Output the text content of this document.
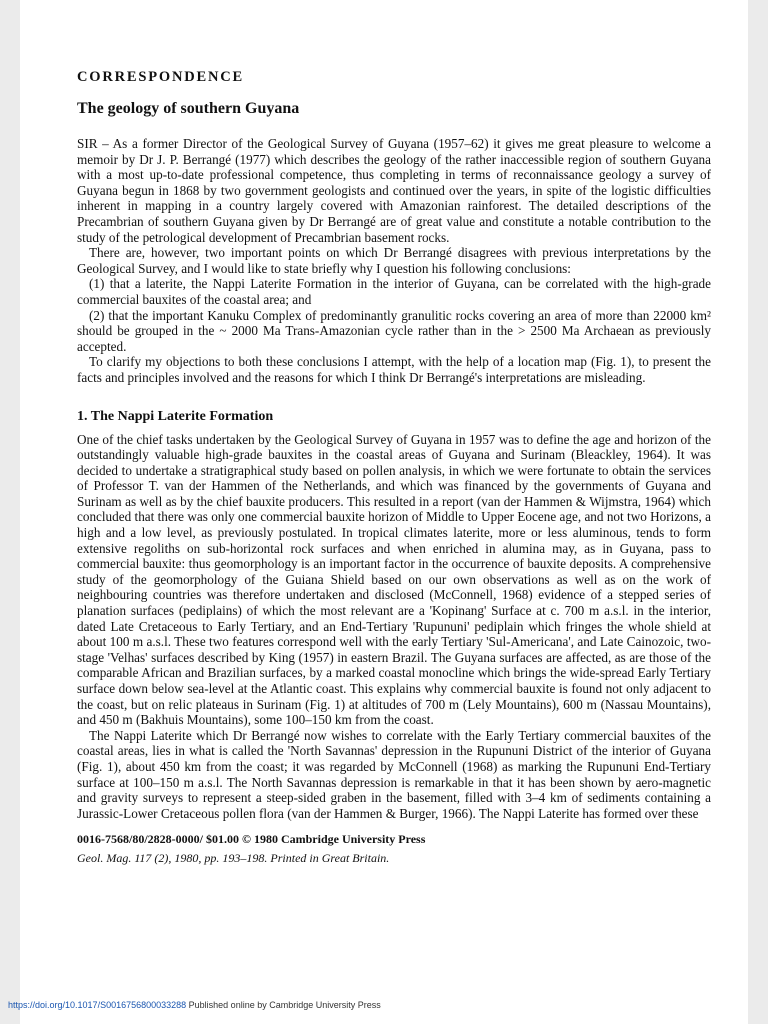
CORRESPONDENCE
The geology of southern Guyana

SIR – As a former Director of the Geological Survey of Guyana (1957–62) it gives me great pleasure to welcome a memoir by Dr J. P. Berrangé (1977) which describes the geology of the rather inaccessible region of southern Guyana with a most up-to-date professional competence, thus completing in terms of reconnaissance geology a survey of Guyana begun in 1868 by two government geologists and continued over the years, in spite of the logistic difficulties inherent in mapping in a country largely covered with Amazonian rainforest. The detailed descriptions of the Precambrian of southern Guyana given by Dr Berrangé are of great value and constitute a notable contribution to the study of the petrological development of Precambrian basement rocks.

There are, however, two important points on which Dr Berrangé disagrees with previous interpretations by the Geological Survey, and I would like to state briefly why I question his following conclusions:

(1) that a laterite, the Nappi Laterite Formation in the interior of Guyana, can be correlated with the high-grade commercial bauxites of the coastal area; and

(2) that the important Kanuku Complex of predominantly granulitic rocks covering an area of more than 22000 km² should be grouped in the ~ 2000 Ma Trans-Amazonian cycle rather than in the > 2500 Ma Archaean as previously accepted.

To clarify my objections to both these conclusions I attempt, with the help of a location map (Fig. 1), to present the facts and principles involved and the reasons for which I think Dr Berrangé's interpretations are misleading.

1. The Nappi Laterite Formation

One of the chief tasks undertaken by the Geological Survey of Guyana in 1957 was to define the age and horizon of the outstandingly valuable high-grade bauxites in the coastal areas of Guyana and Surinam (Bleackley, 1964). It was decided to undertake a stratigraphical study based on pollen analysis, in which we were fortunate to obtain the services of Professor T. van der Hammen of the Netherlands, and which was financed by the governments of Guyana and Surinam as well as by the chief bauxite producers. This resulted in a report (van der Hammen & Wijmstra, 1964) which concluded that there was only one commercial bauxite horizon of Middle to Upper Eocene age, and not two Horizons, a high and a low level, as previously postulated. In tropical climates laterite, more or less aluminous, tends to form extensive regoliths on sub-horizontal rock surfaces and when enriched in alumina may, as in Guyana, pass to commercial bauxite: thus geomorphology is an important factor in the occurrence of bauxite deposits. A comprehensive study of the geomorphology of the Guiana Shield based on our own observations as well as on the work of neighbouring countries was therefore undertaken and disclosed (McConnell, 1968) evidence of a stepped series of planation surfaces (pediplains) of which the most relevant are a 'Kopinang' Surface at c. 700 m a.s.l. in the interior, dated Late Cretaceous to Early Tertiary, and an End-Tertiary 'Rupununi' pediplain which fringes the whole shield at about 100 m a.s.l. These two features correspond well with the early Tertiary 'Sul-Americana', and Late Cainozoic, two-stage 'Velhas' surfaces described by King (1957) in eastern Brazil. The Guyana surfaces are affected, as are those of the comparable African and Brazilian surfaces, by a marked coastal monocline which brings the wide-spread Early Tertiary surface down below sea-level at the Atlantic coast. This explains why commercial bauxite is found not only adjacent to the coast, but on relic plateaus in Surinam (Fig. 1) at altitudes of 700 m (Lely Mountains), 600 m (Nassau Mountains), and 450 m (Bakhuis Mountains), some 100–150 km from the coast.

The Nappi Laterite which Dr Berrangé now wishes to correlate with the Early Tertiary commercial bauxites of the coastal areas, lies in what is called the 'North Savannas' depression in the Rupununi District of the interior of Guyana (Fig. 1), about 450 km from the coast; it was regarded by McConnell (1968) as marking the Rupununi End-Tertiary surface at 100–150 m a.s.l. The North Savannas depression is remarkable in that it has been shown by aero-magnetic and gravity surveys to represent a steep-sided graben in the basement, filled with 3–4 km of sediments containing a Jurassic-Lower Cretaceous pollen flora (van der Hammen & Burger, 1966). The Nappi Laterite has formed over these

0016-7568/80/2828-0000/ $01.00 © 1980 Cambridge University Press
Geol. Mag. 117 (2), 1980, pp. 193–198. Printed in Great Britain.
https://doi.org/10.1017/S0016756800033288 Published online by Cambridge University Press
